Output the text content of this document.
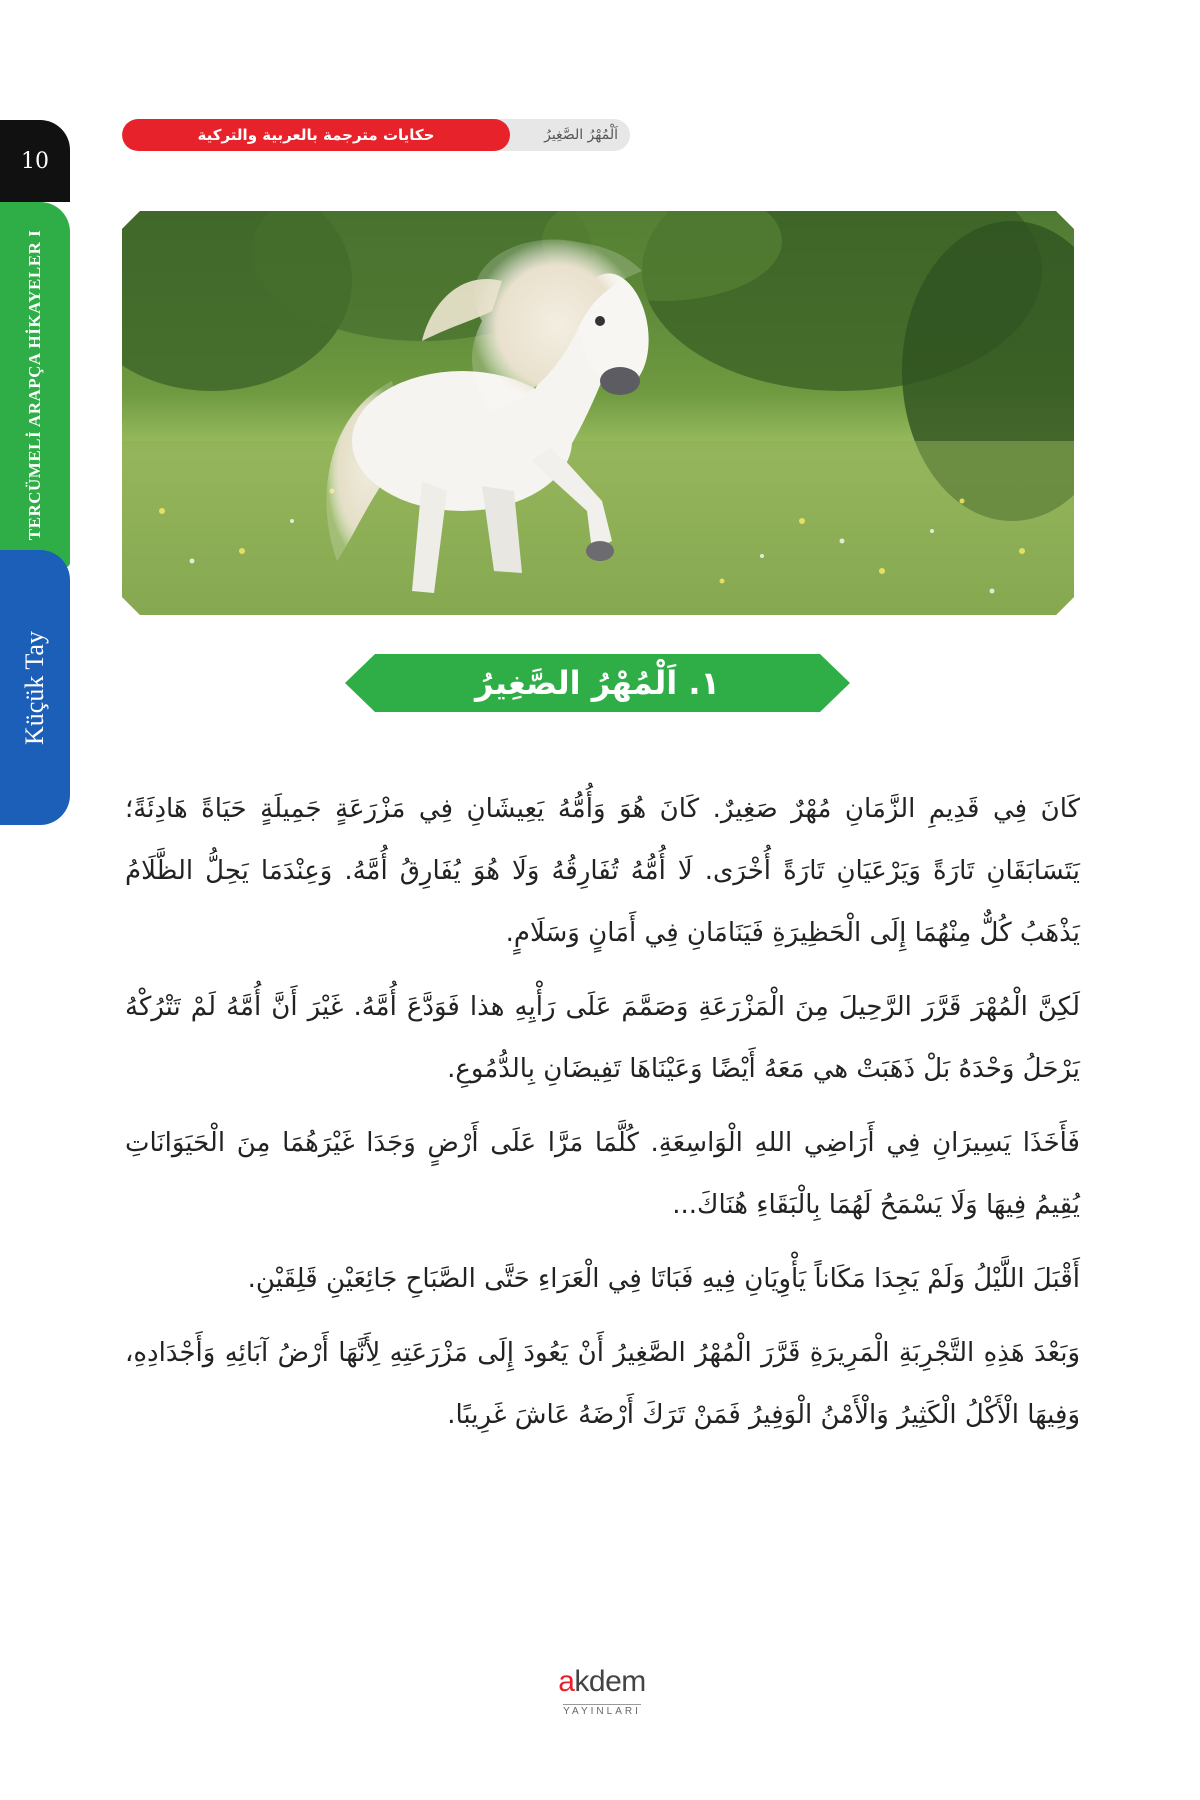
10
TERCÜMELİ ARAPÇA HİKAYELER I
Küçük Tay
حكايات مترجمة بالعربية والتركية	اَلْمُهْرُ الصَّغِيرُ
١. اَلْمُهْرُ الصَّغِيرُ

كَانَ فِي قَدِيمِ الزَّمَانِ مُهْرٌ صَغِيرٌ. كَانَ هُوَ وَأُمُّهُ يَعِيشَانِ فِي مَزْرَعَةٍ جَمِيلَةٍ حَيَاةً هَادِئَةً؛ يَتَسَابَقَانِ تَارَةً وَيَرْعَيَانِ تَارَةً أُخْرَى. لَا أُمُّهُ تُفَارِقُهُ وَلَا هُوَ يُفَارِقُ أُمَّهُ. وَعِنْدَمَا يَحِلُّ الظَّلَامُ يَذْهَبُ كُلٌّ مِنْهُمَا إِلَى الْحَظِيرَةِ فَيَنَامَانِ فِي أَمَانٍ وَسَلَامٍ.

لَكِنَّ الْمُهْرَ قَرَّرَ الرَّحِيلَ مِنَ الْمَزْرَعَةِ وَصَمَّمَ عَلَى رَأْيِهِ هذا فَوَدَّعَ أُمَّهُ. غَيْرَ أَنَّ أُمَّهُ لَمْ تَتْرُكْهُ يَرْحَلُ وَحْدَهُ بَلْ ذَهَبَتْ هي مَعَهُ أَيْضًا وَعَيْنَاهَا تَفِيضَانِ بِالدُّمُوعِ.

فَأَخَذَا يَسِيرَانِ فِي أَرَاضِي اللهِ الْوَاسِعَةِ. كُلَّمَا مَرَّا عَلَى أَرْضٍ وَجَدَا غَيْرَهُمَا مِنَ الْحَيَوَانَاتِ يُقِيمُ فِيهَا وَلَا يَسْمَحُ لَهُمَا بِالْبَقَاءِ هُنَاكَ...

أَقْبَلَ اللَّيْلُ وَلَمْ يَجِدَا مَكَاناً يَأْوِيَانِ فِيهِ فَبَاتَا فِي الْعَرَاءِ حَتَّى الصَّبَاحِ جَائِعَيْنِ قَلِقَيْنِ.

وَبَعْدَ هَذِهِ التَّجْرِبَةِ الْمَرِيرَةِ قَرَّرَ الْمُهْرُ الصَّغِيرُ أَنْ يَعُودَ إِلَى مَزْرَعَتِهِ لِأَنَّهَا أَرْضُ آبَائِهِ وَأَجْدَادِهِ، وَفِيهَا الْأَكْلُ الْكَثِيرُ وَالْأَمْنُ الْوَفِيرُ فَمَنْ تَرَكَ أَرْضَهُ عَاشَ غَرِيبًا.

akdem
YAYINLARI
